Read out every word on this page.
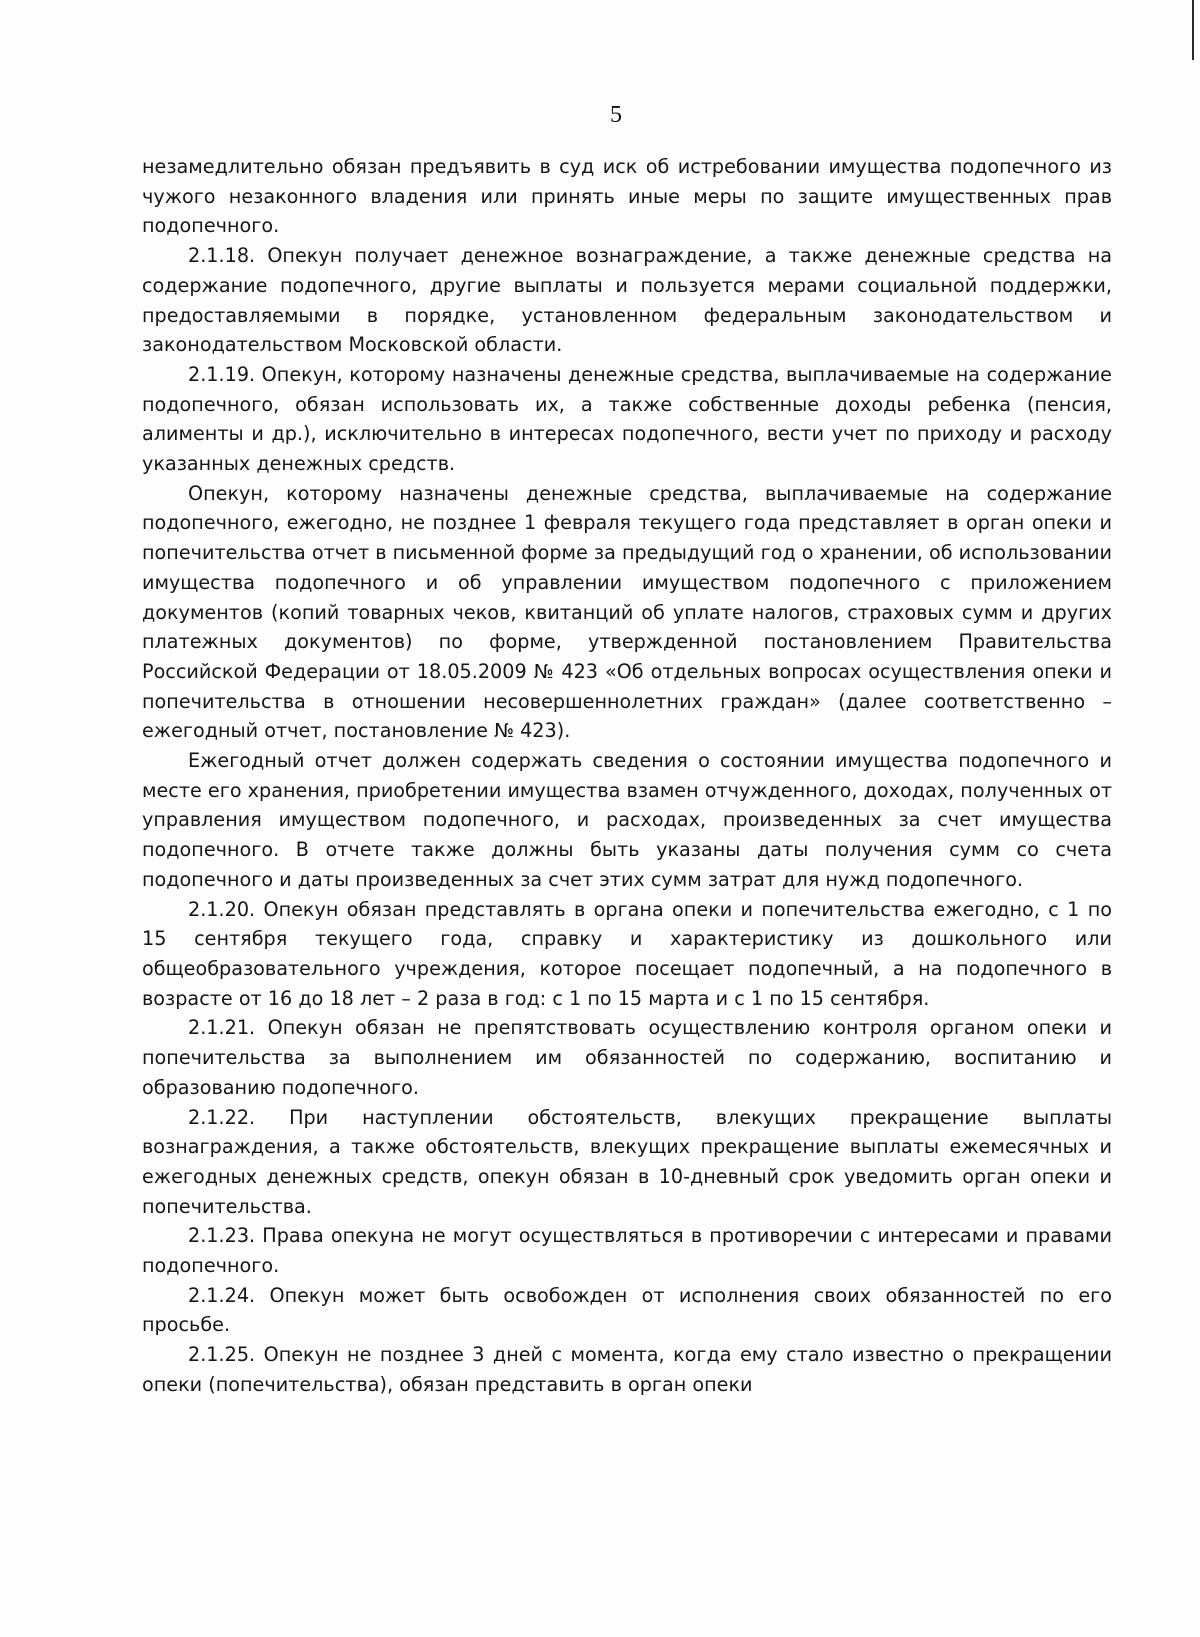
5

незамедлительно обязан предъявить в суд иск об истребовании имущества подопечного из чужого незаконного владения или принять иные меры по защите имущественных прав подопечного.

2.1.18. Опекун получает денежное вознаграждение, а также денежные средства на содержание подопечного, другие выплаты и пользуется мерами социальной поддержки, предоставляемыми в порядке, установленном федеральным законодательством и законодательством Московской области.

2.1.19. Опекун, которому назначены денежные средства, выплачиваемые на содержание подопечного, обязан использовать их, а также собственные доходы ребенка (пенсия, алименты и др.), исключительно в интересах подопечного, вести учет по приходу и расходу указанных денежных средств.

Опекун, которому назначены денежные средства, выплачиваемые на содержание подопечного, ежегодно, не позднее 1 февраля текущего года представляет в орган опеки и попечительства отчет в письменной форме за предыдущий год о хранении, об использовании имущества подопечного и об управлении имуществом подопечного с приложением документов (копий товарных чеков, квитанций об уплате налогов, страховых сумм и других платежных документов) по форме, утвержденной постановлением Правительства Российской Федерации от 18.05.2009 № 423 «Об отдельных вопросах осуществления опеки и попечительства в отношении несовершеннолетних граждан» (далее соответственно – ежегодный отчет, постановление № 423).

Ежегодный отчет должен содержать сведения о состоянии имущества подопечного и месте его хранения, приобретении имущества взамен отчужденного, доходах, полученных от управления имуществом подопечного, и расходах, произведенных за счет имущества подопечного. В отчете также должны быть указаны даты получения сумм со счета подопечного и даты произведенных за счет этих сумм затрат для нужд подопечного.

2.1.20. Опекун обязан представлять в органа опеки и попечительства ежегодно, с 1 по 15 сентября текущего года, справку и характеристику из дошкольного или общеобразовательного учреждения, которое посещает подопечный, а на подопечного в возрасте от 16 до 18 лет – 2 раза в год: с 1 по 15 марта и с 1 по 15 сентября.

2.1.21. Опекун обязан не препятствовать осуществлению контроля органом опеки и попечительства за выполнением им обязанностей по содержанию, воспитанию и образованию подопечного.

2.1.22. При наступлении обстоятельств, влекущих прекращение выплаты вознаграждения, а также обстоятельств, влекущих прекращение выплаты ежемесячных и ежегодных денежных средств, опекун обязан в 10-дневный срок уведомить орган опеки и попечительства.

2.1.23. Права опекуна не могут осуществляться в противоречии с интересами и правами подопечного.

2.1.24. Опекун может быть освобожден от исполнения своих обязанностей по его просьбе.

2.1.25. Опекун не позднее 3 дней с момента, когда ему стало известно о прекращении опеки (попечительства), обязан представить в орган опеки
